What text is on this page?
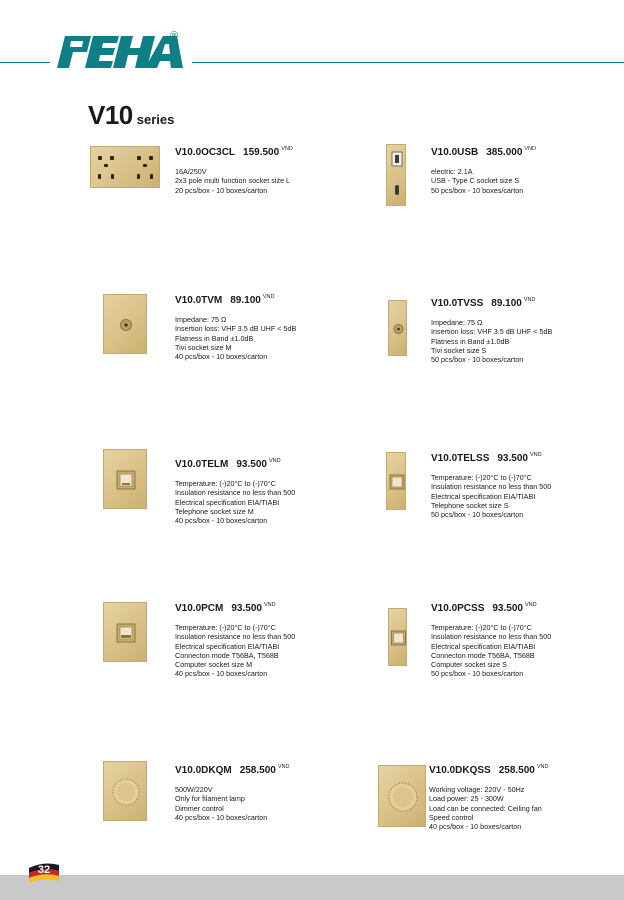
®
V10 series
V10.0OC3CL 159.500 $^{VND}$
16A/250V
2x3 pole multi function socket size L
20 pcs/box - 10 boxes/carton
V10.0USB 385.000 $^{VND}$
electric: 2.1A
USB - Type C socket size S
50 pcs/box - 10 boxes/carton
V10.0TVM 89.100 $^{VND}$
Impedane: 75 Ω
Insertion loss: VHF 3.5 dB UHF < 5dB
Flatness in Band ±1.0dB
Tivi socket size M
40 pcs/box - 10 boxes/carton
V10.0TVSS 89.100 $^{VND}$
Impedane: 75 Ω
Insertion loss: VHF 3.5 dB UHF < 5dB
Flatness in Band ±1.0dB
Tivi socket size S
50 pcs/box - 10 boxes/carton
V10.0TELM 93.500 $^{VND}$
Temperature: (-)20°C to (-)70°C
Insulation resistance no less than 500
Electrical specification EIA/TIABI
Telephone socket size M
40 pcs/box - 10 boxes/carton
V10.0TELSS 93.500 $^{VND}$
Temperature: (-)20°C to (-)70°C
Insulation resistance no less than 500
Electrical specification EIA/TIABI
Telephone socket size S
50 pcs/box - 10 boxes/carton
V10.0PCM 93.500 $^{VND}$
Temperature: (-)20°C to (-)70°C
Insulation resistance no less than 500
Electrical specification EIA/TIABI
Connecton mode T56BA, T568B
Computer socket size M
40 pcs/box - 10 boxes/carton
V10.0PCSS 93.500 $^{VND}$
Temperature: (-)20°C to (-)70°C
Insulation resistance no less than 500
Electrical specification EIA/TIABI
Connecton mode T56BA, T568B
Computer socket size S
50 pcs/box - 10 boxes/carton
V10.0DKQM 258.500 $^{VND}$
500W/220V
Only for filament lamp
Dimmer control
40 pcs/box - 10 boxes/carton
V10.0DKQSS 258.500 $^{VND}$
Working voltage: 220V - 50Hz
Load power: 25 - 300W
Load can be connected: Ceiling fan
Speed control
40 pcs/box - 10 boxes/carton
32
